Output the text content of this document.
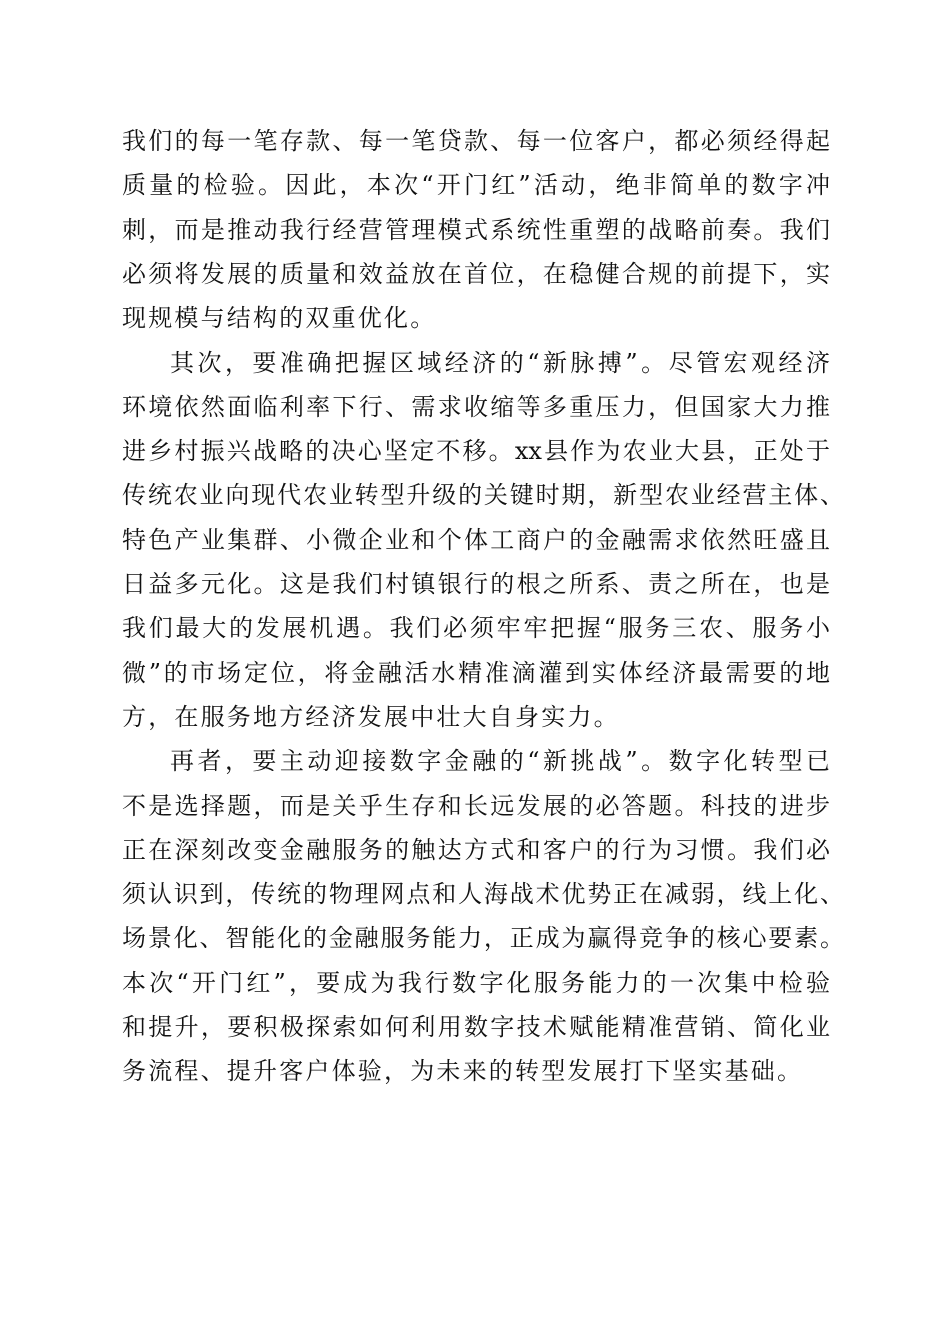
我们的每一笔存款、每一笔贷款、每一位客户，都必须经得起
质量的检验。因此，本次“开门红”活动，绝非简单的数字冲
刺，而是推动我行经营管理模式系统性重塑的战略前奏。我们
必须将发展的质量和效益放在首位，在稳健合规的前提下，实
现规模与结构的双重优化。
其次，要准确把握区域经济的“新脉搏”。尽管宏观经济
环境依然面临利率下行、需求收缩等多重压力，但国家大力推
进乡村振兴战略的决心坚定不移。xx县作为农业大县，正处于
传统农业向现代农业转型升级的关键时期，新型农业经营主体、
特色产业集群、小微企业和个体工商户的金融需求依然旺盛且
日益多元化。这是我们村镇银行的根之所系、责之所在，也是
我们最大的发展机遇。我们必须牢牢把握“服务三农、服务小
微”的市场定位，将金融活水精准滴灌到实体经济最需要的地
方，在服务地方经济发展中壮大自身实力。
再者，要主动迎接数字金融的“新挑战”。数字化转型已
不是选择题，而是关乎生存和长远发展的必答题。科技的进步
正在深刻改变金融服务的触达方式和客户的行为习惯。我们必
须认识到，传统的物理网点和人海战术优势正在减弱，线上化、
场景化、智能化的金融服务能力，正成为赢得竞争的核心要素。
本次“开门红”，要成为我行数字化服务能力的一次集中检验
和提升，要积极探索如何利用数字技术赋能精准营销、简化业
务流程、提升客户体验，为未来的转型发展打下坚实基础。
